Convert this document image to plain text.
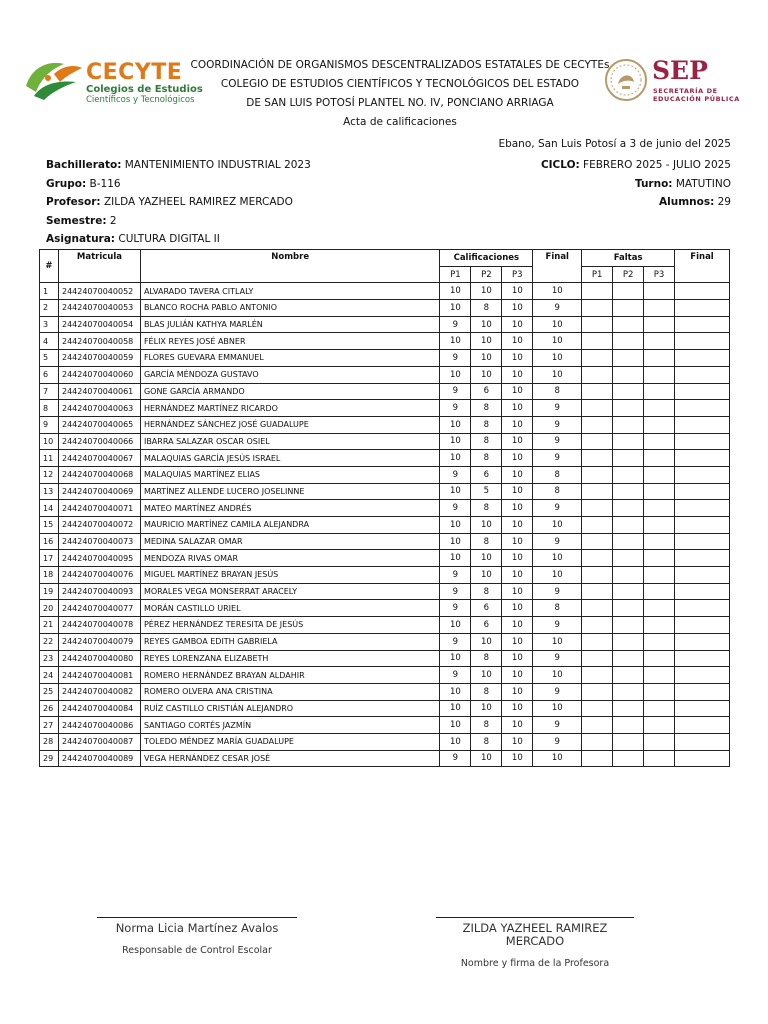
CECYTE
Colegios de Estudios
Científicos y Tecnológicos
SEP
SECRETARÍA DE
EDUCACIÓN PÚBLICA
COORDINACIÓN DE ORGANISMOS DESCENTRALIZADOS ESTATALES DE CECYTEs
COLEGIO DE ESTUDIOS CIENTÍFICOS Y TECNOLÓGICOS DEL ESTADO
DE SAN LUIS POTOSÍ PLANTEL NO. IV, PONCIANO ARRIAGA
Acta de calificaciones
Ebano, San Luis Potosí a 3 de junio del 2025
Bachillerato: MANTENIMIENTO INDUSTRIAL 2023
Grupo: B-116
Profesor: ZILDA YAZHEEL RAMIREZ MERCADO
Semestre: 2
Asignatura: CULTURA DIGITAL II
CICLO: FEBRERO 2025 - JULIO 2025
Turno: MATUTINO
Alumnos: 29
#	Matricula	Nombre	Calificaciones			Final	Faltas			Final
			P1	P2	P3		P1	P2	P3	
1	24424070040052	ALVARADO TAVERA CITLALY	10	10	10	10				
2	24424070040053	BLANCO ROCHA PABLO ANTONIO	10	8	10	9				
3	24424070040054	BLAS JULIÁN KATHYA MARLÉN	9	10	10	10				
4	24424070040058	FÉLIX REYES JOSÉ ABNER	10	10	10	10				
5	24424070040059	FLORES GUEVARA EMMANUEL	9	10	10	10				
6	24424070040060	GARCÍA MÉNDOZA GUSTAVO	10	10	10	10				
7	24424070040061	GONE GARCÍA ARMANDO	9	6	10	8				
8	24424070040063	HERNÁNDEZ MARTÍNEZ RICARDO	9	8	10	9				
9	24424070040065	HERNÁNDEZ SÁNCHEZ JOSÉ GUADALUPE	10	8	10	9				
10	24424070040066	IBARRA SALAZAR OSCAR OSIEL	10	8	10	9				
11	24424070040067	MALAQUIAS GARCÍA JESÚS ISRAEL	10	8	10	9				
12	24424070040068	MALAQUIAS MARTÍNEZ ELIAS	9	6	10	8				
13	24424070040069	MARTÍNEZ ALLENDE LUCERO JOSELINNE	10	5	10	8				
14	24424070040071	MATEO MARTÍNEZ ANDRÉS	9	8	10	9				
15	24424070040072	MAURICIO MARTÍNEZ CAMILA ALEJANDRA	10	10	10	10				
16	24424070040073	MEDINA SALAZAR OMAR	10	8	10	9				
17	24424070040095	MENDOZA RIVAS OMAR	10	10	10	10				
18	24424070040076	MIGUEL MARTÍNEZ BRAYAN JESÚS	9	10	10	10				
19	24424070040093	MORALES VEGA MONSERRAT ARACELY	9	8	10	9				
20	24424070040077	MORÁN CASTILLO URIEL	9	6	10	8				
21	24424070040078	PÉREZ HERNÁNDEZ TERESITA DE JESÚS	10	6	10	9				
22	24424070040079	REYES GAMBOA EDITH GABRIELA	9	10	10	10				
23	24424070040080	REYES LORENZANA ELIZABETH	10	8	10	9				
24	24424070040081	ROMERO HERNÁNDEZ BRAYAN ALDAHIR	9	10	10	10				
25	24424070040082	ROMERO OLVERA ANA CRISTINA	10	8	10	9				
26	24424070040084	RUÍZ CASTILLO CRISTIÁN ALEJANDRO	10	10	10	10				
27	24424070040086	SANTIAGO CORTÉS JAZMÍN	10	8	10	9				
28	24424070040087	TOLEDO MÉNDEZ MARÍA GUADALUPE	10	8	10	9				
29	24424070040089	VEGA HERNÁNDEZ CESAR JOSÉ	9	10	10	10				
Norma Licia Martínez Avalos
Responsable de Control Escolar
ZILDA YAZHEEL RAMIREZ MERCADO
Nombre y firma de la Profesora
